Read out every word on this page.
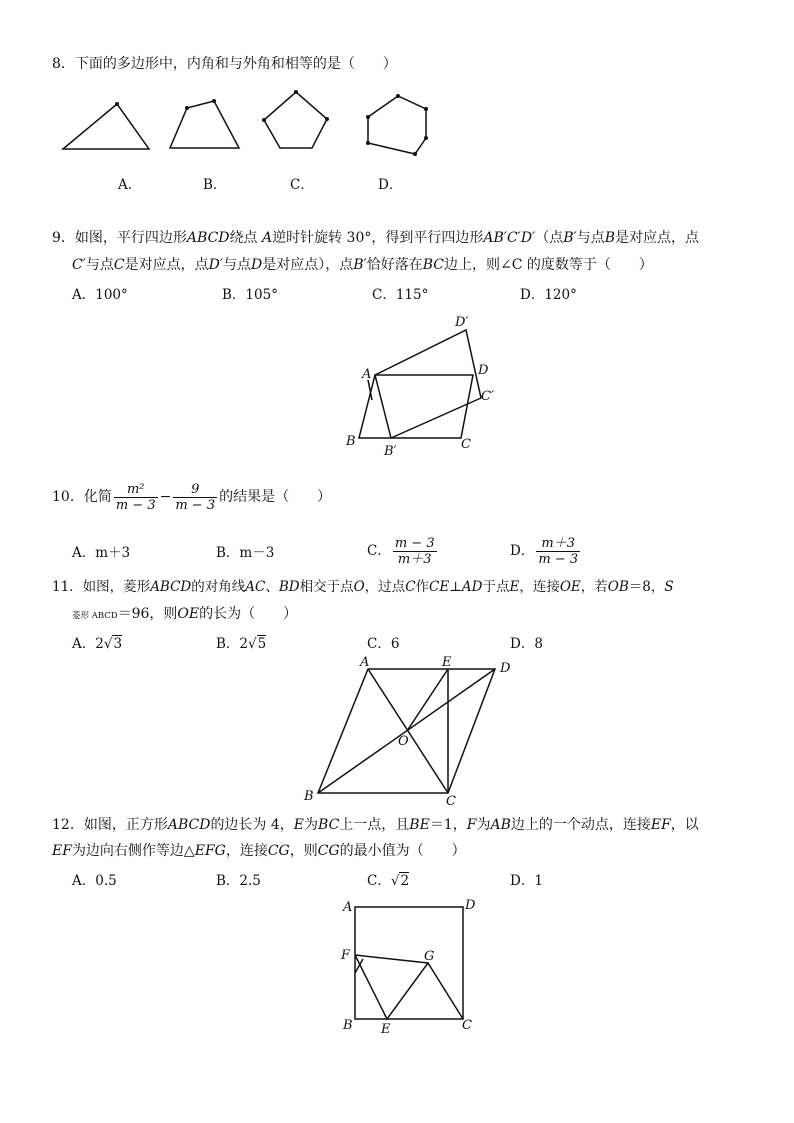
8．下面的多边形中，内角和与外角和相等的是（　　）
A．	B．	C．	D．
9．如图，平行四边形ABCD绕点 A逆时针旋转 30°，得到平行四边形AB′C′D′（点B′与点B是对应点，点
C′与点C是对应点，点D′与点D是对应点），点B′恰好落在BC边上，则∠C 的度数等于（　　）
A．100°	B．105°	C．115°	D．120°
D′
A	D
C′
B
B′	C
10．化简 $\frac{\text{m²}}{m - 3} - \frac{9}{m - 3}$ 的结果是（　　）
A．m＋3	B．m－3	C． $\frac{m - 3}{m+3}$	D． $\frac{m+3}{m - 3}$
11．如图，菱形ABCD的对角线AC、BD相交于点O，过点C作CE⊥AD于点E，连接OE，若OB＝8，S
菱形 ABCD＝96，则OE的长为（　　）
A．2√3	B．2√5	C．6	D．8
A	E	D
O
B	C
12．如图，正方形ABCD的边长为 4，E为BC上一点，且BE＝1，F为AB边上的一个动点，连接EF，以
EF为边向右侧作等边△EFG，连接CG，则CG的最小值为（　　）
A．0.5	B．2.5	C．√2	D．1
A	D
F	G
B E	C
